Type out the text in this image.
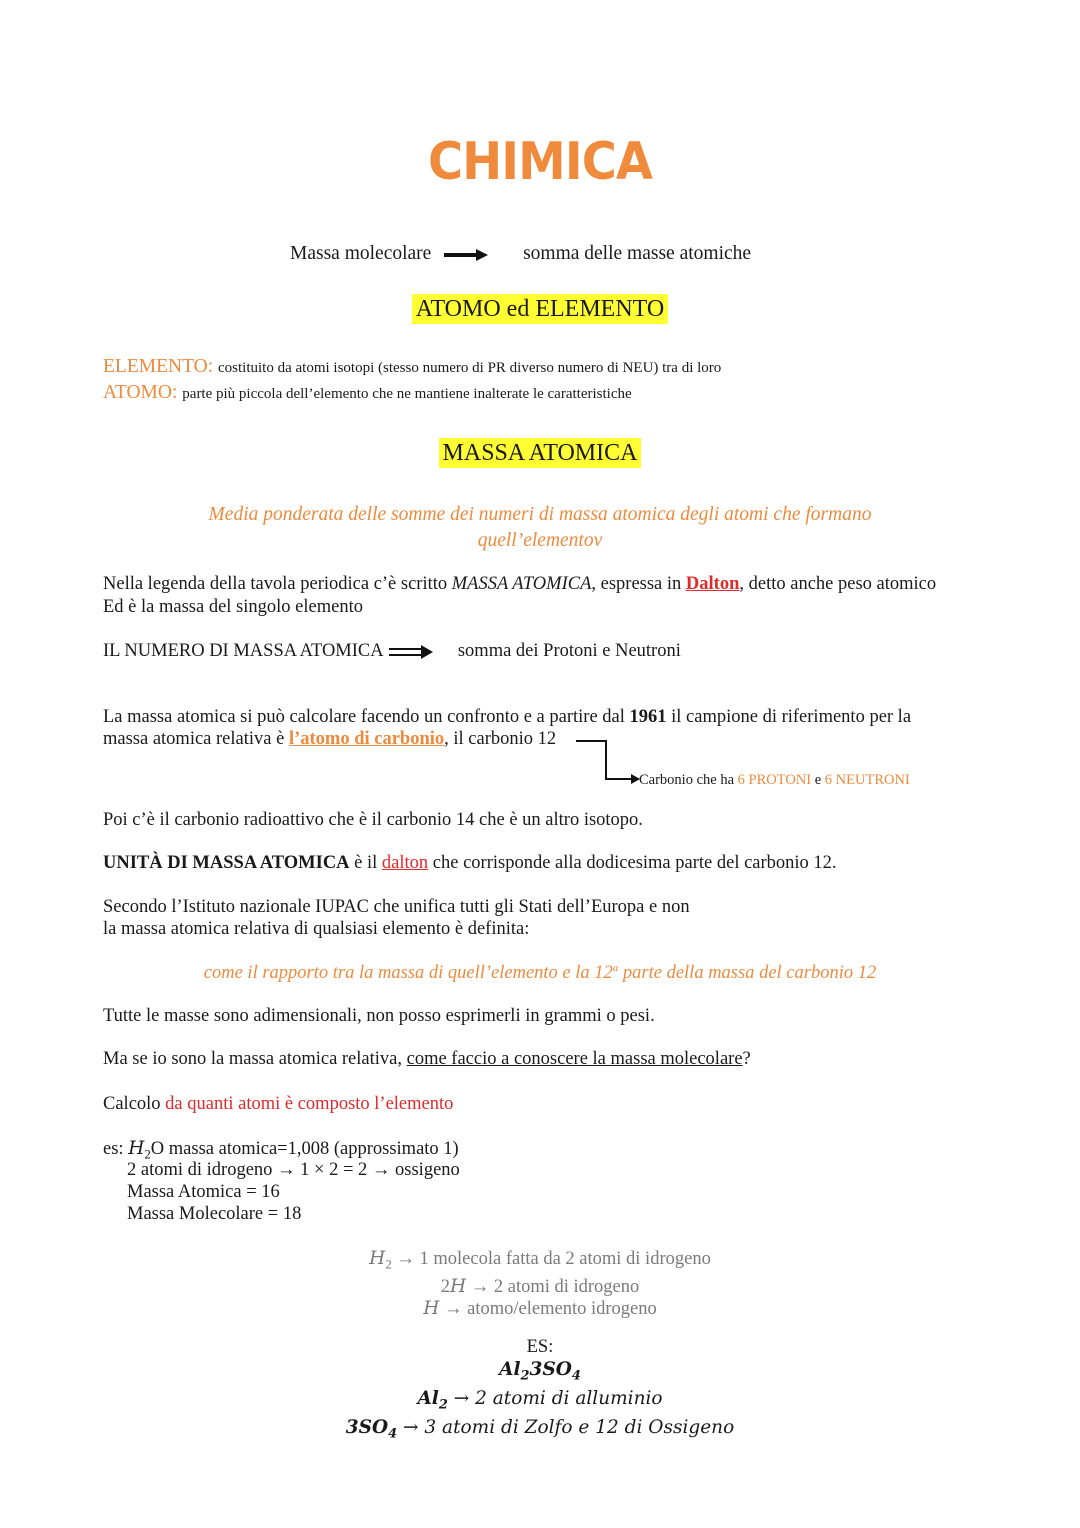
CHIMICA
Massa molecolare	somma delle masse atomiche
ATOMO ed ELEMENTO
ELEMENTO: costituito da atomi isotopi (stesso numero di PR diverso numero di NEU) tra di loro
ATOMO: parte più piccola dell’elemento che ne mantiene inalterate le caratteristiche
MASSA ATOMICA
Media ponderata delle somme dei numeri di massa atomica degli atomi che formano
quell’elementov
Nella legenda della tavola periodica c’è scritto MASSA ATOMICA, espressa in Dalton, detto anche peso atomico
Ed è la massa del singolo elemento
IL NUMERO DI MASSA ATOMICA	somma dei Protoni e Neutroni
La massa atomica si può calcolare facendo un confronto e a partire dal 1961 il campione di riferimento per la
massa atomica relativa è l’atomo di carbonio, il carbonio 12
Carbonio che ha 6 PROTONI e 6 NEUTRONI
Poi c’è il carbonio radioattivo che è il carbonio 14 che è un altro isotopo.
UNITÀ DI MASSA ATOMICA è il dalton che corrisponde alla dodicesima parte del carbonio 12.
Secondo l’Istituto nazionale IUPAC che unifica tutti gli Stati dell’Europa e non
la massa atomica relativa di qualsiasi elemento è definita:
come il rapporto tra la massa di quell’elemento e la 12$^a$ parte della massa del carbonio 12
Tutte le masse sono adimensionali, non posso esprimerli in grammi o pesi.
Ma se io sono la massa atomica relativa, come faccio a conoscere la massa molecolare?
Calcolo da quanti atomi è composto l’elemento
es: $H_2O$ massa atomica=1,008 (approssimato 1)
2 atomi di idrogeno → 1 × 2 = 2 → ossigeno
Massa Atomica = 16
Massa Molecolare = 18
$H_2 \to 1$ molecola fatta da 2 atomi di idrogeno
2H → 2 atomi di idrogeno
H → atomo/elemento idrogeno
ES:
$Al_23SO_4$
$Al_2 \to 2$ atomi di alluminio
$3SO_4 \to 3$ atomi di Zolfo e 12 di Ossigeno
